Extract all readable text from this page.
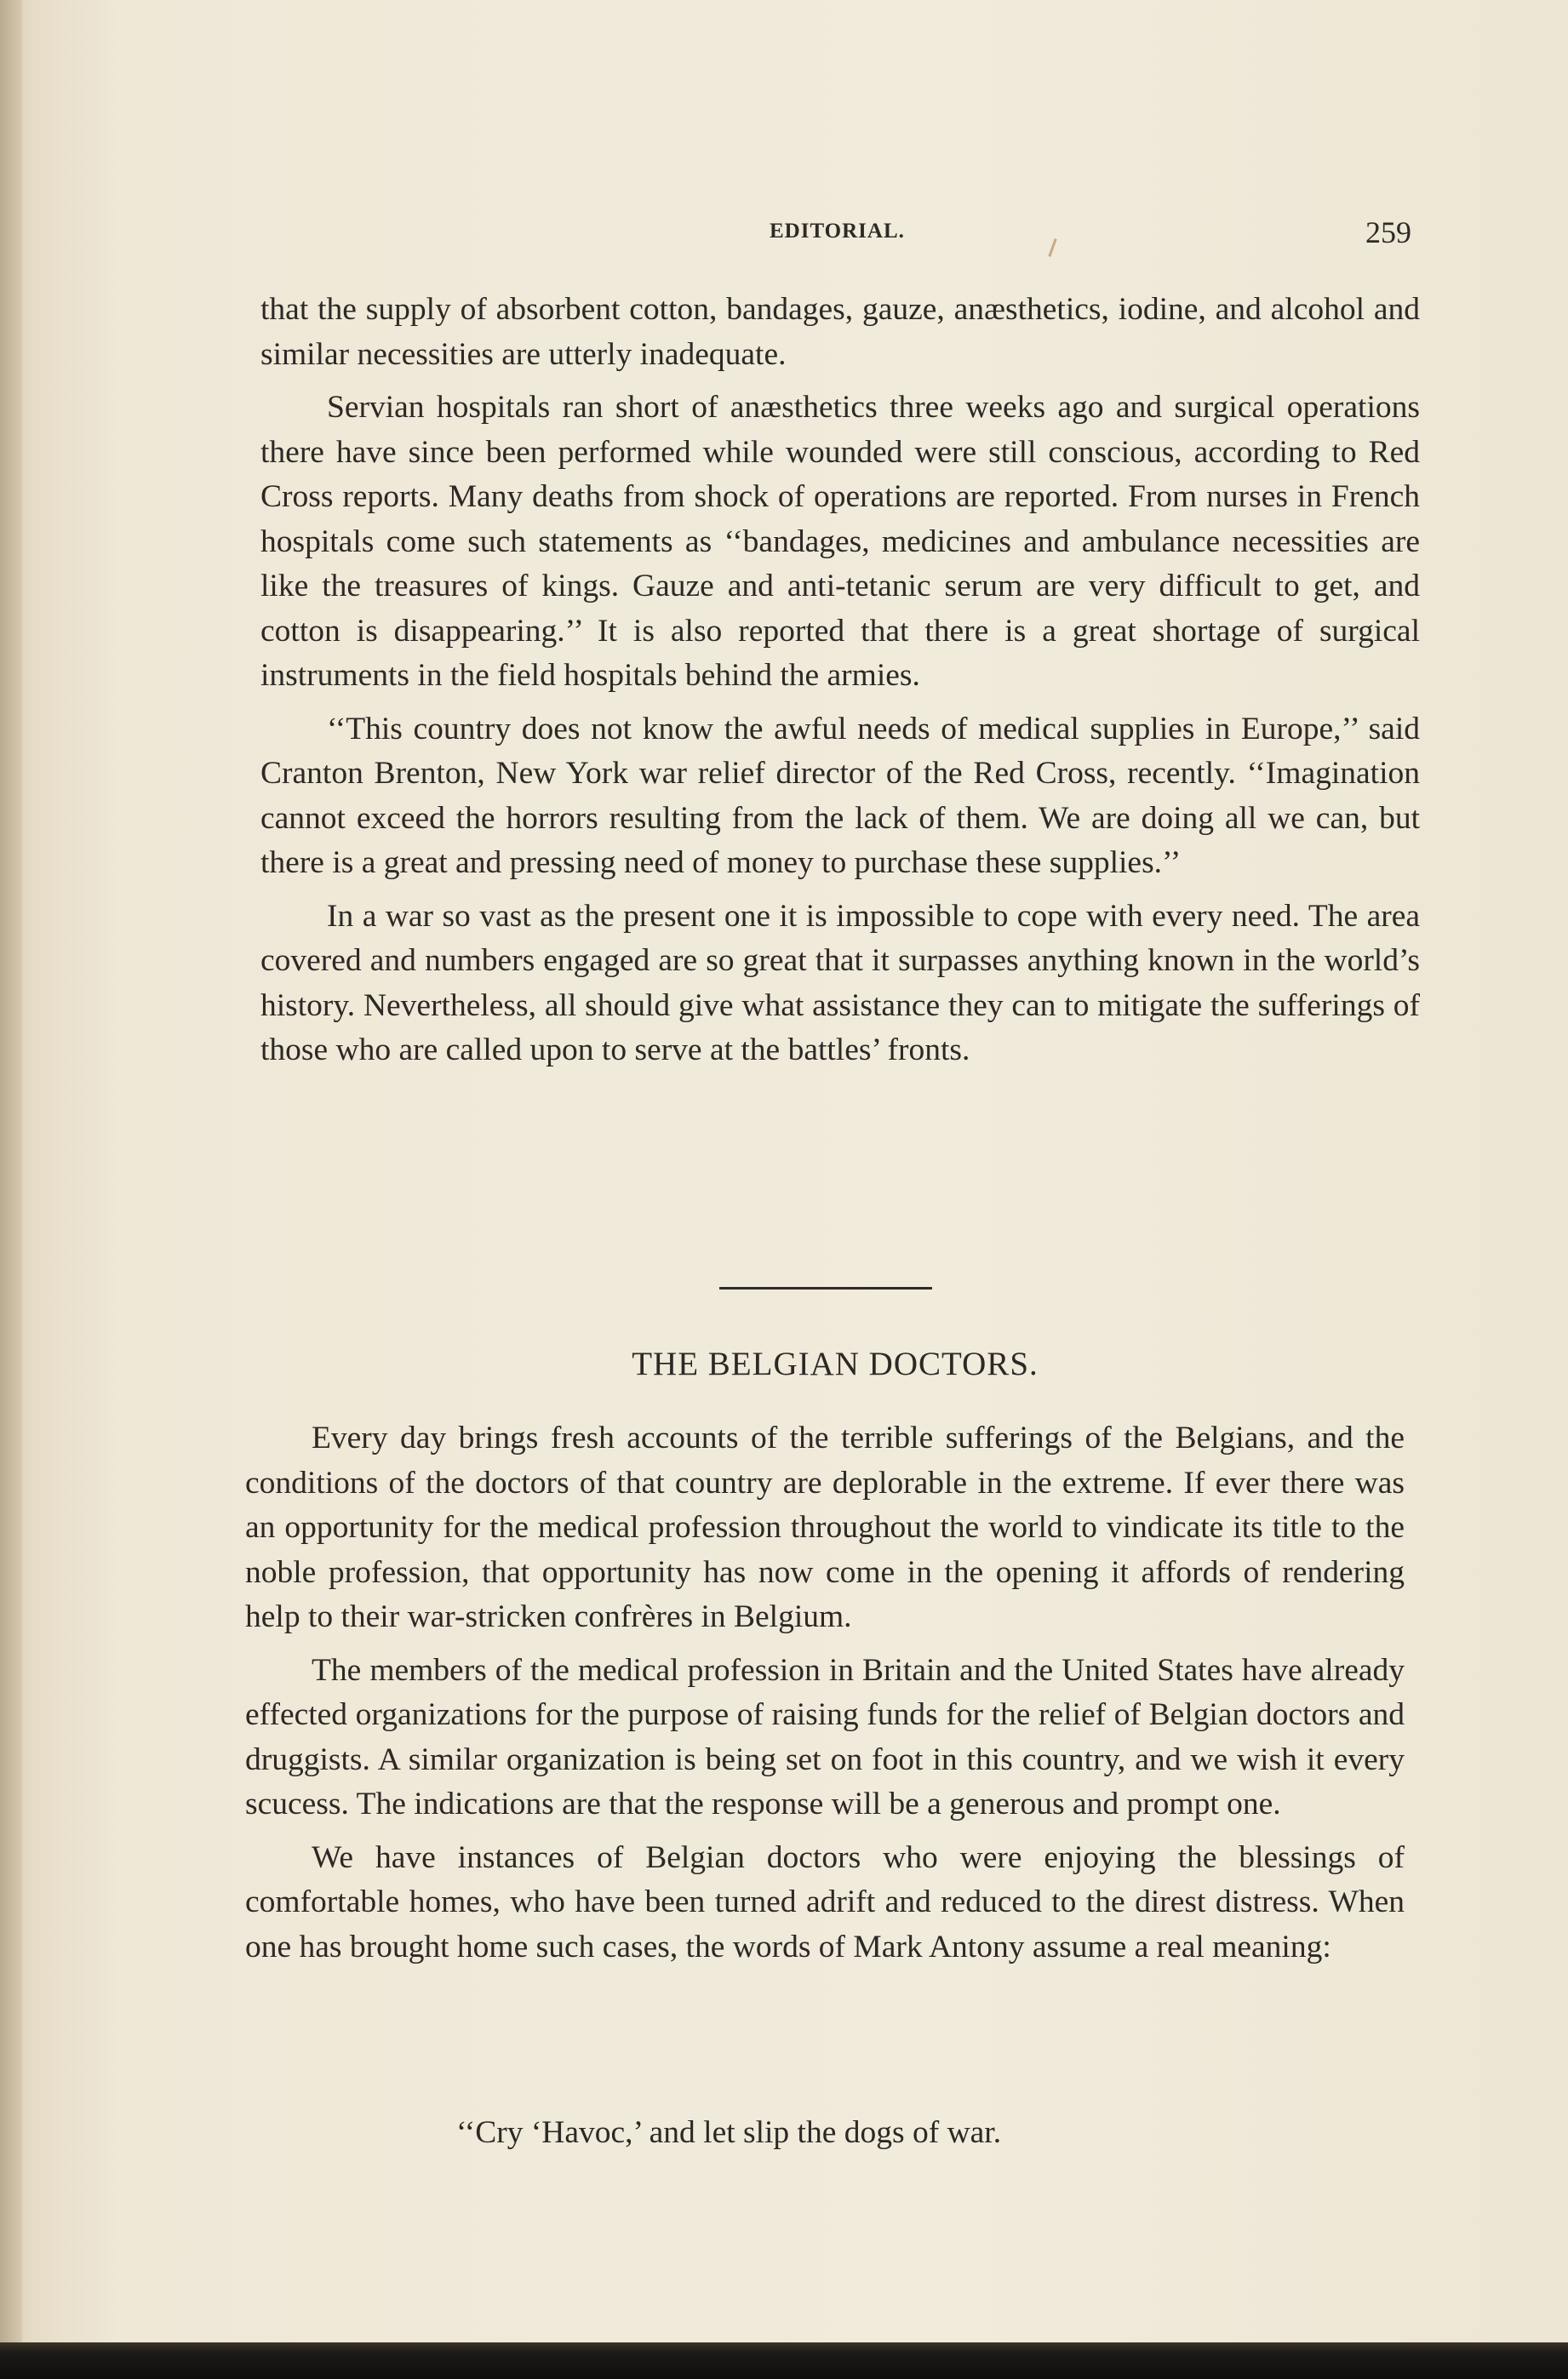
EDITORIAL.	259

that the supply of absorbent cotton, bandages, gauze, anæsthetics, iodine, and alcohol and similar necessities are utterly inadequate.

Servian hospitals ran short of anæsthetics three weeks ago and surgical operations there have since been performed while wounded were still conscious, according to Red Cross reports. Many deaths from shock of operations are reported. From nurses in French hospitals come such statements as ‘‘bandages, medicines and ambulance necessities are like the treasures of kings. Gauze and anti-tetanic serum are very difficult to get, and cotton is disappearing.’’ It is also reported that there is a great shortage of surgical instruments in the field hospitals behind the armies.

‘‘This country does not know the awful needs of medical supplies in Europe,’’ said Cranton Brenton, New York war relief director of the Red Cross, recently. ‘‘Imagination cannot exceed the horrors resulting from the lack of them. We are doing all we can, but there is a great and pressing need of money to purchase these supplies.’’

In a war so vast as the present one it is impossible to cope with every need. The area covered and numbers engaged are so great that it surpasses anything known in the world’s history. Nevertheless, all should give what assistance they can to mitigate the sufferings of those who are called upon to serve at the battles’ fronts.

THE BELGIAN DOCTORS.

Every day brings fresh accounts of the terrible sufferings of the Belgians, and the conditions of the doctors of that country are deplorable in the extreme. If ever there was an opportunity for the medical profession throughout the world to vindicate its title to the noble profession, that opportunity has now come in the opening it affords of rendering help to their war-stricken confrères in Belgium.

The members of the medical profession in Britain and the United States have already effected organizations for the purpose of raising funds for the relief of Belgian doctors and druggists. A similar organization is being set on foot in this country, and we wish it every scucess. The indications are that the response will be a generous and prompt one.

We have instances of Belgian doctors who were enjoying the blessings of comfortable homes, who have been turned adrift and reduced to the direst distress. When one has brought home such cases, the words of Mark Antony assume a real meaning:

‘‘Cry ‘Havoc,’ and let slip the dogs of war.
